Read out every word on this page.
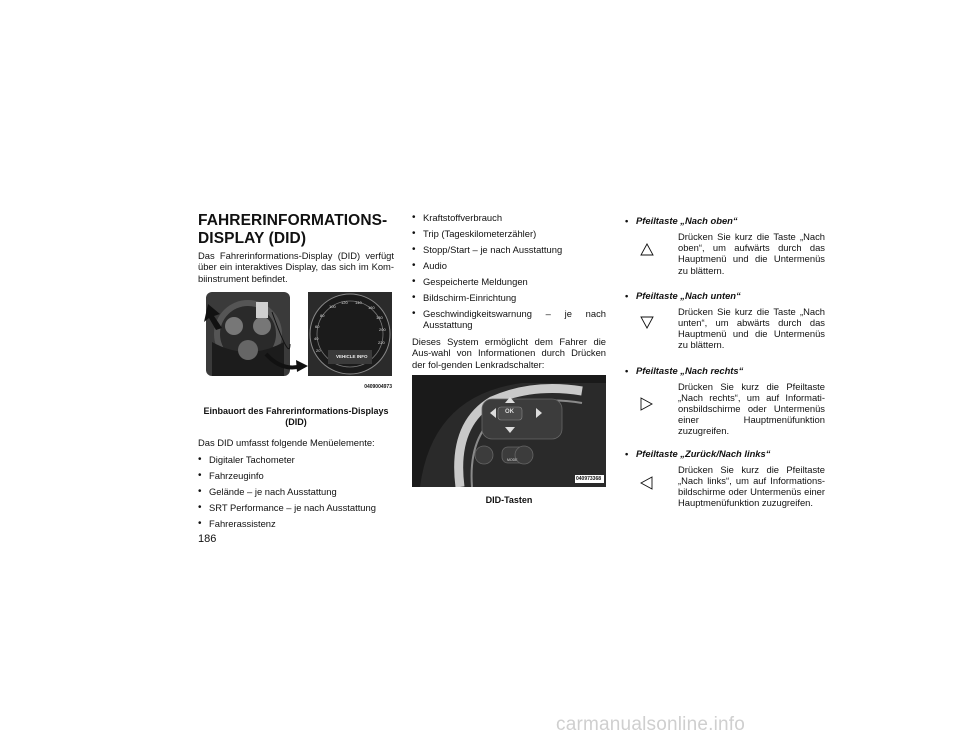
FAHRERINFORMATIONS-
DISPLAY (DID)

Das Fahrerinformations-Display (DID) verfügt über ein interaktives Display, das sich im Kom-biinstrument befindet.

20
40
60
80
100
120 140
160
180
200
220
VEHICLE INFO
0409004973
Einbauort des Fahrerinformations-Displays
(DID)

Das DID umfasst folgende Menüelemente:

• Digitaler Tachometer
• Fahrzeuginfo
• Gelände – je nach Ausstattung
• SRT Performance – je nach Ausstattung
• Fahrerassistenz
186
• Kraftstoffverbrauch
• Trip (Tageskilometerzähler)
• Stopp/Start – je nach Ausstattung
• Audio
• Gespeicherte Meldungen
• Bildschirm-Einrichtung
• Geschwindigkeitswarnung – je nach Ausstattung

Dieses System ermöglicht dem Fahrer die Aus-wahl von Informationen durch Drücken der fol-genden Lenkradschalter:

OK
MODE
040973368
DID-Tasten
• Pfeiltaste „Nach oben“

Drücken Sie kurz die Taste „Nach oben“, um aufwärts durch das Hauptmenü und die Untermenüs zu blättern.

• Pfeiltaste „Nach unten“

Drücken Sie kurz die Taste „Nach unten“, um abwärts durch das Hauptmenü und die Untermenüs zu blättern.

• Pfeiltaste „Nach rechts“

Drücken Sie kurz die Pfeiltaste „Nach rechts“, um auf Informati-onsbildschirme oder Untermenüs einer Hauptmenüfunktion zuzugreifen.

• Pfeiltaste „Zurück/Nach links“

Drücken Sie kurz die Pfeiltaste „Nach links“, um auf Informations-bildschirme oder Untermenüs einer Hauptmenüfunktion zuzugreifen.

carmanualsonline.info
